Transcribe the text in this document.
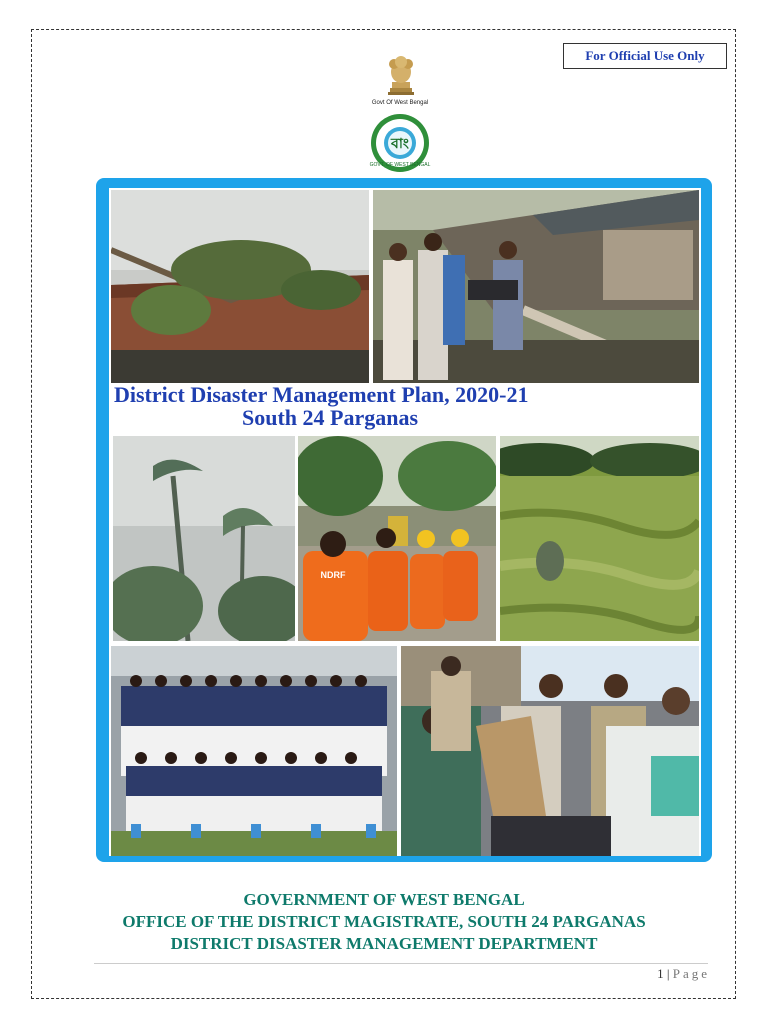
For Official Use Only
Govt Of West Bengal
GOVT. OF WEST BENGAL
বাং
District Disaster Management Plan, 2020-21
South 24 Parganas
NDRF
GOVERNMENT OF WEST BENGAL
OFFICE OF THE DISTRICT MAGISTRATE, SOUTH 24 PARGANAS
DISTRICT DISASTER MANAGEMENT DEPARTMENT
1 | Page
